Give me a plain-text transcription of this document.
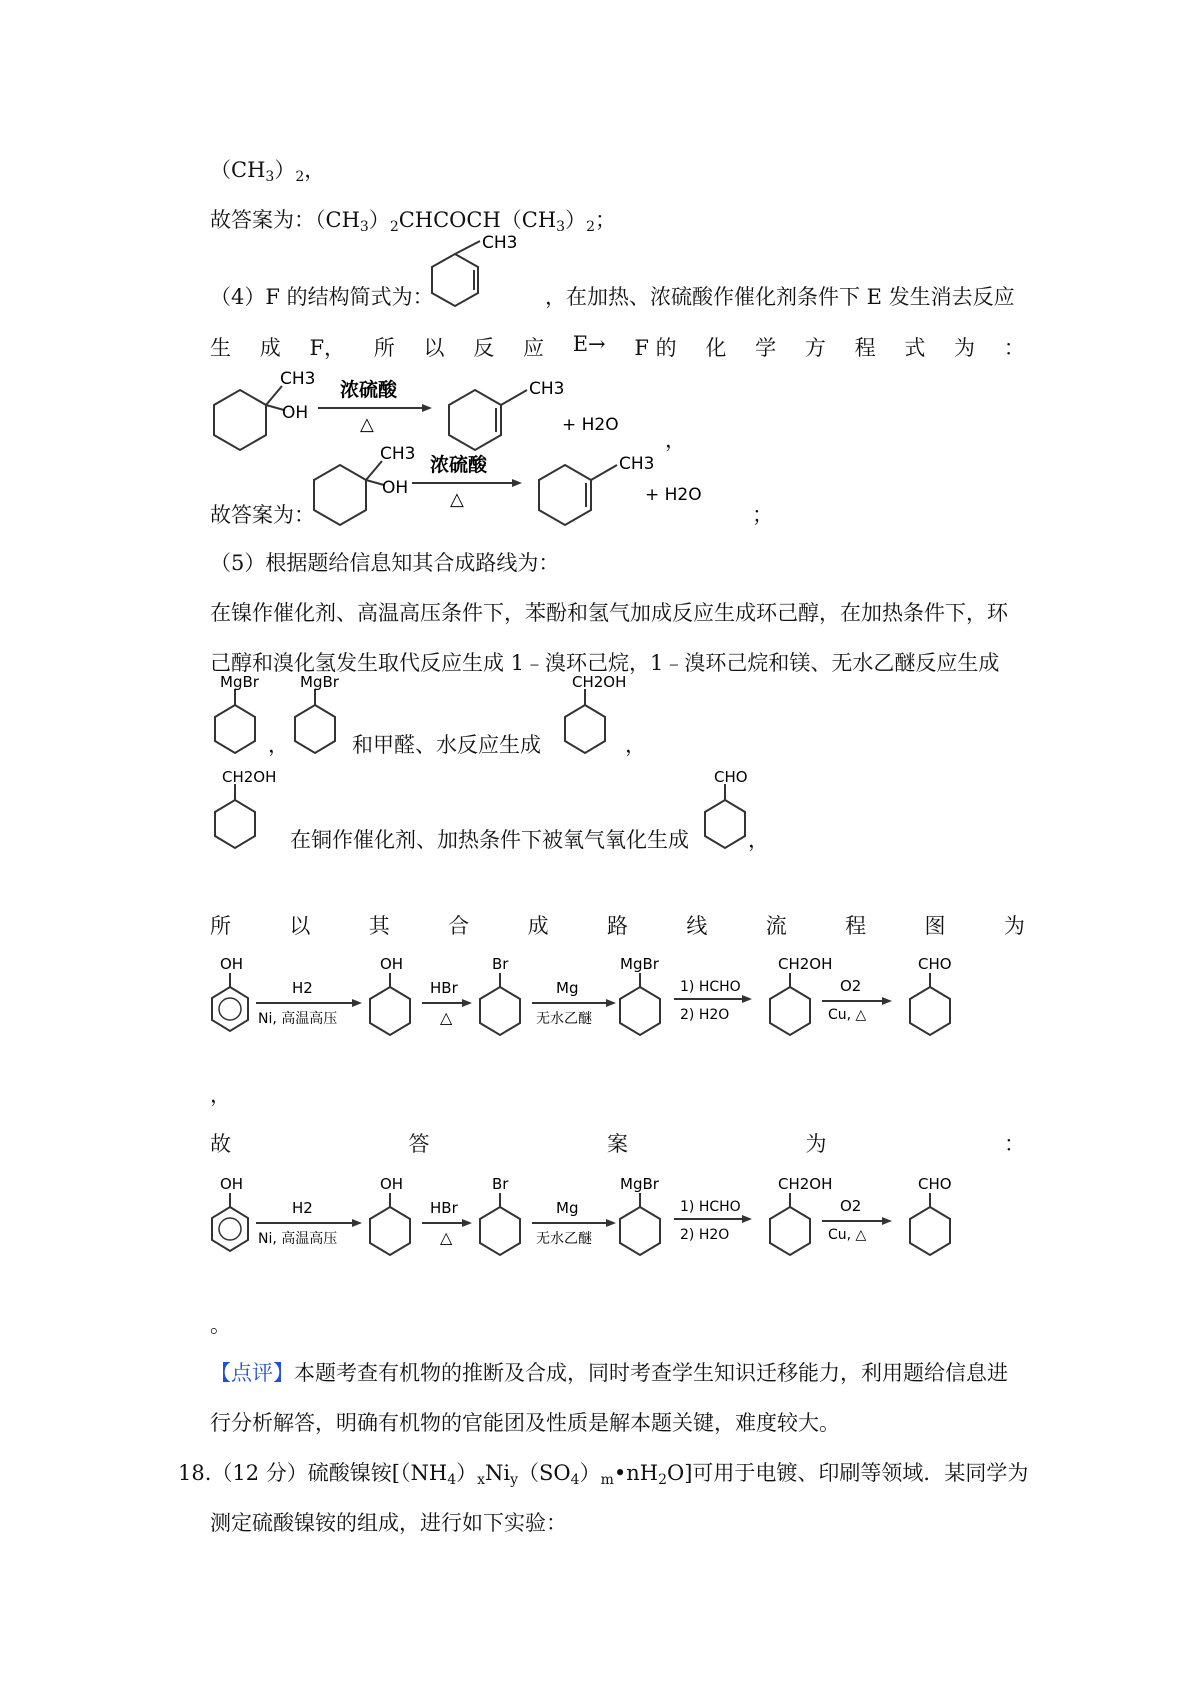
$(CH_3)_2$，
故答案为：$(CH_3)_2CHCOCH(CH_3)_2$；
（4）F 的结构简式为：
CH3
，在加热、浓硫酸作催化剂条件下 E 发生消去反应
生 成 F， 所 以 反 应 E→ F 的 化 学 方 程 式 为 ：
CH3
OH
浓硫酸
△
CH3
+ H2O
，
故答案为：
CH3
OH
浓硫酸
△
CH3
+ H2O
；
（5）根据题给信息知其合成路线为：
在镍作催化剂、高温高压条件下，苯酚和氢气加成反应生成环己醇，在加热条件下，环
己醇和溴化氢发生取代反应生成 1﹣溴环己烷，1﹣溴环己烷和镁、无水乙醚反应生成
MgBr
，
MgBr
和甲醛、水反应生成
CH2OH
，
CH2OH
在铜作催化剂、加热条件下被氧气氧化生成
CHO
，
所	以	其	合	成	路	线	流	程	图	为
OH
H2
Ni, 高温高压
OH
HBr
△
Br
Mg
无水乙醚
MgBr
1) HCHO
2) H2O
CH2OH
O2
Cu, △
CHO
，
故	答	案	为	：
OH
H2
Ni, 高温高压
OH
HBr
△
Br
Mg
无水乙醚
MgBr
1) HCHO
2) H2O
CH2OH
O2
Cu, △
CHO
。
【点评】本题考查有机物的推断及合成，同时考查学生知识迁移能力，利用题给信息进
行分析解答，明确有机物的官能团及性质是解本题关键，难度较大。
18.（12 分）硫酸镍铵$[(NH_4)_xNi_y(SO_4)_m•nH_2O]$可用于电镀、印刷等领域．某同学为
测定硫酸镍铵的组成，进行如下实验：
